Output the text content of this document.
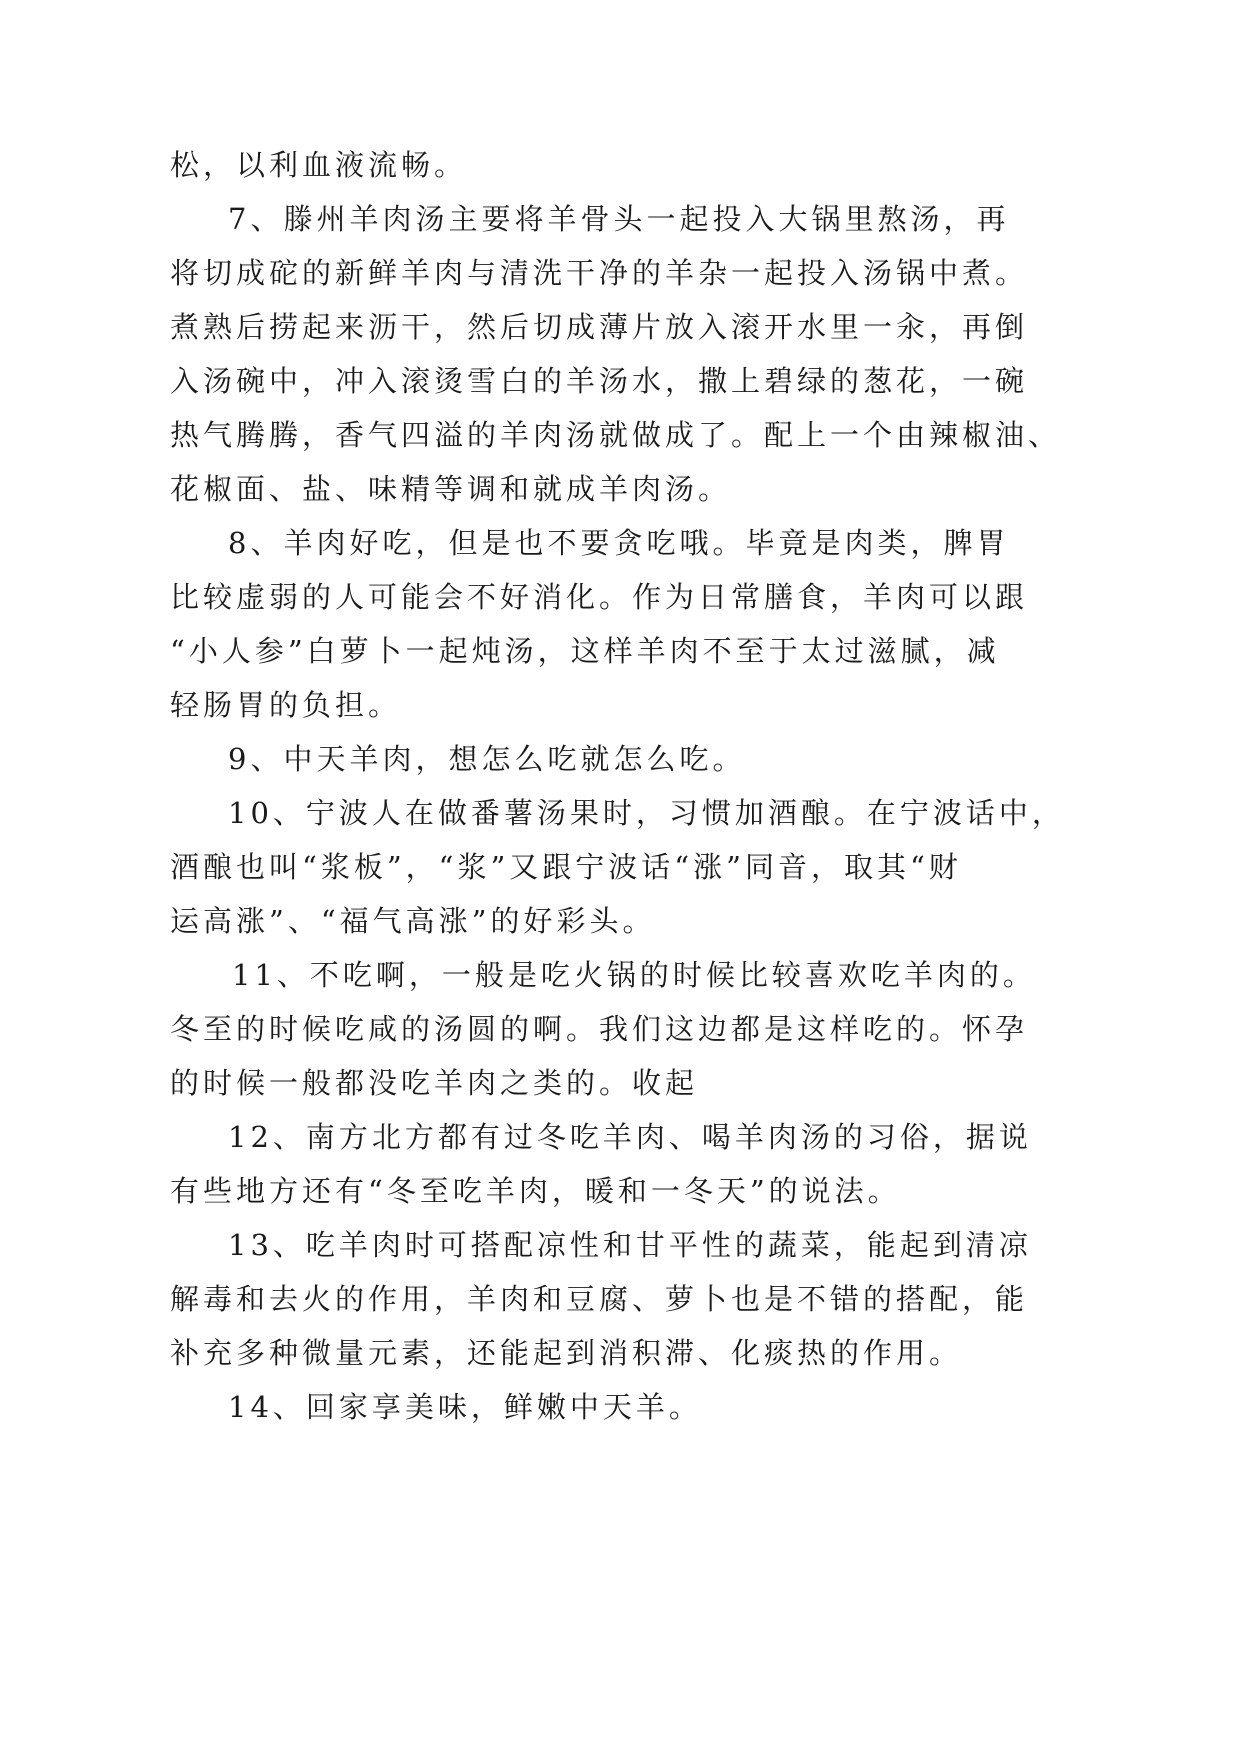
松，以利血液流畅。
7、滕州羊肉汤主要将羊骨头一起投入大锅里熬汤，再
将切成砣的新鲜羊肉与清洗干净的羊杂一起投入汤锅中煮。
煮熟后捞起来沥干，然后切成薄片放入滚开水里一汆，再倒
入汤碗中，冲入滚烫雪白的羊汤水，撒上碧绿的葱花，一碗
热气腾腾，香气四溢的羊肉汤就做成了。配上一个由辣椒油、
花椒面、盐、味精等调和就成羊肉汤。
8、羊肉好吃，但是也不要贪吃哦。毕竟是肉类，脾胃
比较虚弱的人可能会不好消化。作为日常膳食，羊肉可以跟
“小人参”白萝卜一起炖汤，这样羊肉不至于太过滋腻，减
轻肠胃的负担。
9、中天羊肉，想怎么吃就怎么吃。
10、宁波人在做番薯汤果时，习惯加酒酿。在宁波话中，
酒酿也叫“浆板”，“浆”又跟宁波话“涨”同音，取其“财
运高涨”、“福气高涨”的好彩头。
11、不吃啊，一般是吃火锅的时候比较喜欢吃羊肉的。
冬至的时候吃咸的汤圆的啊。我们这边都是这样吃的。怀孕
的时候一般都没吃羊肉之类的。收起
12、南方北方都有过冬吃羊肉、喝羊肉汤的习俗，据说
有些地方还有“冬至吃羊肉，暖和一冬天”的说法。
13、吃羊肉时可搭配凉性和甘平性的蔬菜，能起到清凉
解毒和去火的作用，羊肉和豆腐、萝卜也是不错的搭配，能
补充多种微量元素，还能起到消积滞、化痰热的作用。
14、回家享美味，鲜嫩中天羊。
